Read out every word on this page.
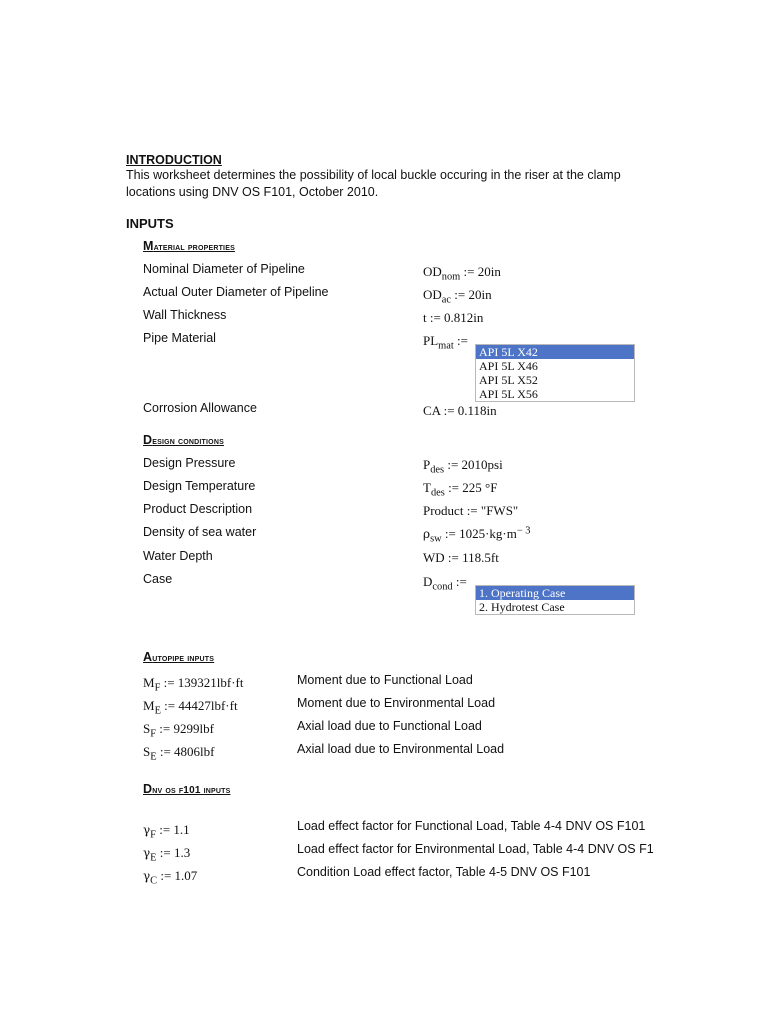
INTRODUCTION
This worksheet determines the possibility of local buckle occuring in the riser at the clamp
locations using DNV OS F101, October 2010.
INPUTS
Material properties
Nominal Diameter of Pipeline	$OD_{nom}$ := 20in
Actual Outer Diameter of Pipeline	$OD_{ac}$ := 20in
Wall Thickness	t := 0.812in
Pipe Material	$PL_{mat}$ :=
API 5L X42
API 5L X46
API 5L X52
API 5L X56
Corrosion Allowance	CA := 0.118in
Design conditions
Design Pressure	$P_{des}$ := 2010psi
Design Temperature	$T_{des}$ := 225 °F
Product Description	Product := "FWS"
Density of sea water	$\rho_{sw}$ := $1025\cdot kg\cdot m^{- 3}$
Water Depth	WD := 118.5ft
Case	$D_{cond}$ :=
1. Operating Case
2. Hydrotest Case
Autopipe inputs
$M_F$ := 139321lbf·ft	Moment due to Functional Load
$M_E$ := 44427lbf·ft	Moment due to Environmental Load
$S_F$ := 9299lbf	Axial load due to Functional Load
$S_E$ := 4806lbf	Axial load due to Environmental Load
Dnv os f101 inputs
$\gamma_F$ := 1.1	Load effect factor for Functional Load, Table 4-4 DNV OS F101
$\gamma_E$ := 1.3	Load effect factor for Environmental Load, Table 4-4 DNV OS F1
$\gamma_C$ := 1.07	Condition Load effect factor, Table 4-5 DNV OS F101
